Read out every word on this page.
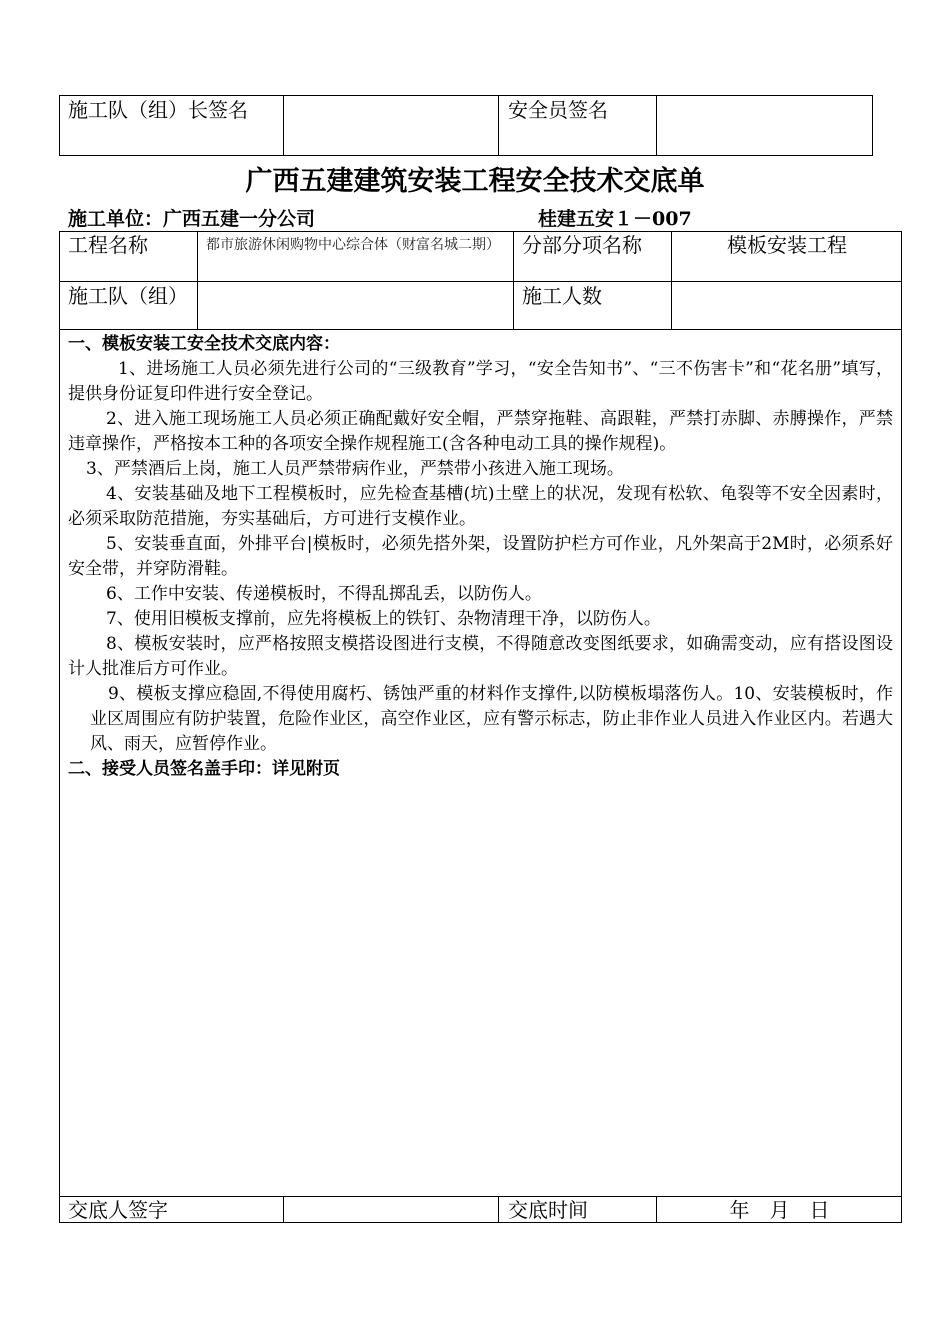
施工队（组）长签名	安全员签名
广西五建建筑安装工程安全技术交底单
施工单位：广西五建一分公司	桂建五安１－007
工程名称	都市旅游休闲购物中心综合体（财富名城二期）	分部分项名称	模板安装工程
施工队（组）	施工人数

一、模板安装工安全技术交底内容：

1、进场施工人员必须先进行公司的“三级教育”学习，“安全告知书”、“三不伤害卡”和“花名册”填写，提供身份证复印件进行安全登记。

2、进入施工现场施工人员必须正确配戴好安全帽，严禁穿拖鞋、高跟鞋，严禁打赤脚、赤膊操作，严禁违章操作，严格按本工种的各项安全操作规程施工(含各种电动工具的操作规程)。

3、严禁酒后上岗，施工人员严禁带病作业，严禁带小孩进入施工现场。

4、安装基础及地下工程模板时，应先检查基槽(坑)土壁上的状况，发现有松软、龟裂等不安全因素时，必须采取防范措施，夯实基础后，方可进行支模作业。

5、安装垂直面，外排平台|模板时，必须先搭外架，设置防护栏方可作业，凡外架高于2M时，必须系好安全带，并穿防滑鞋。

6、工作中安装、传递模板时，不得乱掷乱丢，以防伤人。

7、使用旧模板支撑前，应先将模板上的铁钉、杂物清理干净，以防伤人。

8、模板安装时，应严格按照支模搭设图进行支模，不得随意改变图纸要求，如确需变动，应有搭设图设计人批准后方可作业。

9、模板支撑应稳固,不得使用腐朽、锈蚀严重的材料作支撑件,以防模板塌落伤人。10、安装模板时，作业区周围应有防护装置，危险作业区，高空作业区，应有警示标志，防止非作业人员进入作业区内。若遇大风、雨天，应暂停作业。

二、接受人员签名盖手印：详见附页

交底人签字	交底时间	年　月　日
